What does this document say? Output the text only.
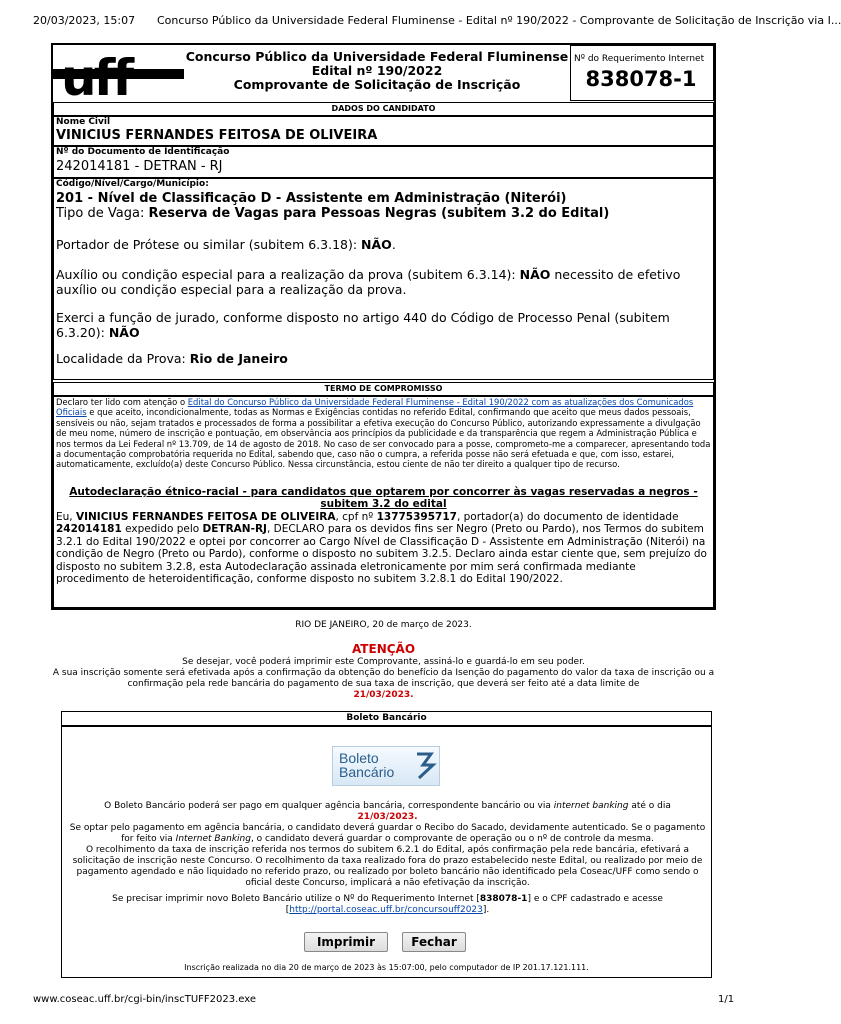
20/03/2023, 15:07 Concurso Público da Universidade Federal Fluminense - Edital nº 190/2022 - Comprovante de Solicitação de Inscrição via I...
www.coseac.uff.br/cgi-bin/inscTUFF2023.exe	1/1
uff	Concurso Público da Universidade Federal Fluminense
Edital nº 190/2022
Comprovante de Solicitação de Inscrição
Nº do Requerimento Internet
838078-1
DADOS DO CANDIDATO
Nome Civil
VINICIUS FERNANDES FEITOSA DE OLIVEIRA
Nº do Documento de Identificação
242014181 - DETRAN - RJ
Código/Nível/Cargo/Município:
201 - Nível de Classificação D - Assistente em Administração (Niterói)
Tipo de Vaga: Reserva de Vagas para Pessoas Negras (subitem 3.2 do Edital)
Portador de Prótese ou similar (subitem 6.3.18): NÃO.
Auxílio ou condição especial para a realização da prova (subitem 6.3.14): NÃO necessito de efetivo auxílio ou condição especial para a realização da prova.
Exerci a função de jurado, conforme disposto no artigo 440 do Código de Processo Penal (subitem 6.3.20): NÃO
Localidade da Prova: Rio de Janeiro
TERMO DE COMPROMISSO
Declaro ter lido com atenção o Edital do Concurso Público da Universidade Federal Fluminense - Edital 190/2022 com as atualizações dos Comunicados Oficiais e que aceito, incondicionalmente, todas as Normas e Exigências contidas no referido Edital, confirmando que aceito que meus dados pessoais, sensíveis ou não, sejam tratados e processados de forma a possibilitar a efetiva execução do Concurso Público, autorizando expressamente a divulgação de meu nome, número de inscrição e pontuação, em observância aos princípios da publicidade e da transparência que regem a Administração Pública e nos termos da Lei Federal nº 13.709, de 14 de agosto de 2018. No caso de ser convocado para a posse, comprometo-me a comparecer, apresentando toda a documentação comprobatória requerida no Edital, sabendo que, caso não o cumpra, a referida posse não será efetuada e que, com isso, estarei, automaticamente, excluído(a) deste Concurso Público. Nessa circunstância, estou ciente de não ter direito a qualquer tipo de recurso.
Autodeclaração étnico-racial - para candidatos que optarem por concorrer às vagas reservadas a negros - subitem 3.2 do edital
Eu, VINICIUS FERNANDES FEITOSA DE OLIVEIRA, cpf nº 13775395717, portador(a) do documento de identidade 242014181 expedido pelo DETRAN-RJ, DECLARO para os devidos fins ser Negro (Preto ou Pardo), nos Termos do subitem 3.2.1 do Edital 190/2022 e optei por concorrer ao Cargo Nível de Classificação D - Assistente em Administração (Niterói) na condição de Negro (Preto ou Pardo), conforme o disposto no subitem 3.2.5. Declaro ainda estar ciente que, sem prejuízo do disposto no subitem 3.2.8, esta Autodeclaração assinada eletronicamente por mim será confirmada mediante procedimento de heteroidentificação, conforme disposto no subitem 3.2.8.1 do Edital 190/2022.
RIO DE JANEIRO, 20 de março de 2023.
ATENÇÃO
Se desejar, você poderá imprimir este Comprovante, assiná-lo e guardá-lo em seu poder.
A sua inscrição somente será efetivada após a confirmação da obtenção do benefício da Isenção do pagamento do valor da taxa de inscrição ou a confirmação pela rede bancária do pagamento de sua taxa de inscrição, que deverá ser feito até a data limite de
21/03/2023.
Boleto Bancário
Boleto
Bancário
O Boleto Bancário poderá ser pago em qualquer agência bancária, correspondente bancário ou via internet banking até o dia
21/03/2023.
Se optar pelo pagamento em agência bancária, o candidato deverá guardar o Recibo do Sacado, devidamente autenticado. Se o pagamento for feito via Internet Banking, o candidato deverá guardar o comprovante de operação ou o nº de controle da mesma.
O recolhimento da taxa de inscrição referida nos termos do subitem 6.2.1 do Edital, após confirmação pela rede bancária, efetivará a solicitação de inscrição neste Concurso. O recolhimento da taxa realizado fora do prazo estabelecido neste Edital, ou realizado por meio de pagamento agendado e não liquidado no referido prazo, ou realizado por boleto bancário não identificado pela Coseac/UFF como sendo o oficial deste Concurso, implicará a não efetivação da inscrição.
Se precisar imprimir novo Boleto Bancário utilize o Nº do Requerimento Internet [838078-1] e o CPF cadastrado e acesse [http://portal.coseac.uff.br/concursouff2023].
Imprimir	Fechar
Inscrição realizada no dia 20 de março de 2023 às 15:07:00, pelo computador de IP 201.17.121.111.
